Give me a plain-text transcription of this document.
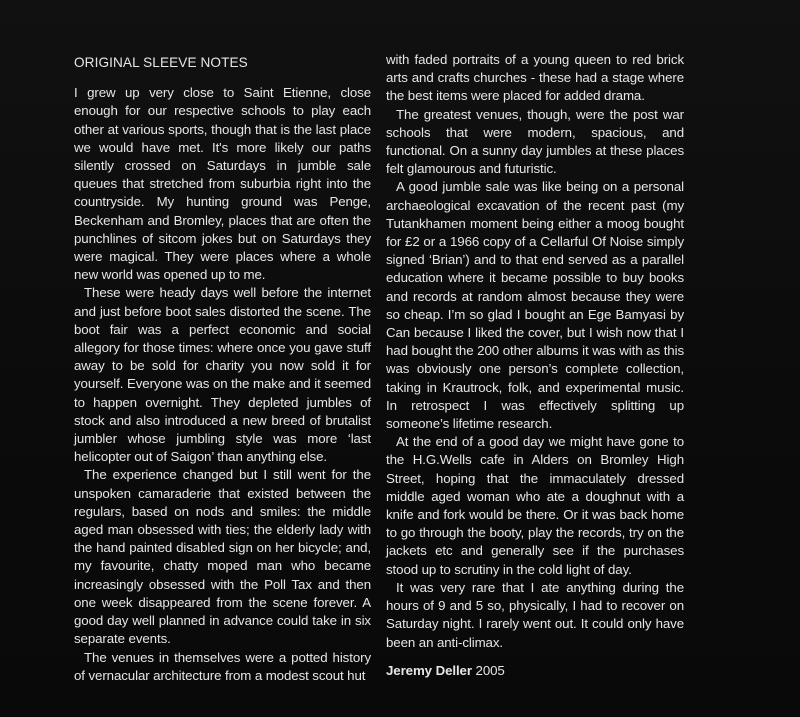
ORIGINAL SLEEVE NOTES

I grew up very close to Saint Etienne, close enough for our respective schools to play each other at various sports, though that is the last place we would have met. It's more likely our paths silently crossed on Saturdays in jumble sale queues that stretched from suburbia right into the countryside. My hunting ground was Penge, Beckenham and Bromley, places that are often the punchlines of sitcom jokes but on Saturdays they were magical. They were places where a whole new world was opened up to me.

These were heady days well before the internet and just before boot sales distorted the scene. The boot fair was a perfect economic and social allegory for those times: where once you gave stuff away to be sold for charity you now sold it for yourself. Everyone was on the make and it seemed to happen overnight. They depleted jumbles of stock and also introduced a new breed of brutalist jumbler whose jumbling style was more ‘last helicopter out of Saigon’ than anything else.

The experience changed but I still went for the unspoken camaraderie that existed between the regulars, based on nods and smiles: the middle aged man obsessed with ties; the elderly lady with the hand painted disabled sign on her bicycle; and, my favourite, chatty moped man who became increasingly obsessed with the Poll Tax and then one week disappeared from the scene forever. A good day well planned in advance could take in six separate events.

The venues in themselves were a potted history of vernacular architecture from a modest scout hut

with faded portraits of a young queen to red brick arts and crafts churches - these had a stage where the best items were placed for added drama.

The greatest venues, though, were the post war schools that were modern, spacious, and functional. On a sunny day jumbles at these places felt glamourous and futuristic.

A good jumble sale was like being on a personal archaeological excavation of the recent past (my Tutankhamen moment being either a moog bought for £2 or a 1966 copy of a Cellarful Of Noise simply signed ‘Brian’) and to that end served as a parallel education where it became possible to buy books and records at random almost because they were so cheap. I’m so glad I bought an Ege Bamyasi by Can because I liked the cover, but I wish now that I had bought the 200 other albums it was with as this was obviously one person’s complete collection, taking in Krautrock, folk, and experimental music. In retrospect I was effectively splitting up someone’s lifetime research.

At the end of a good day we might have gone to the H.G.Wells cafe in Alders on Bromley High Street, hoping that the immaculately dressed middle aged woman who ate a doughnut with a knife and fork would be there. Or it was back home to go through the booty, play the records, try on the jackets etc and generally see if the purchases stood up to scrutiny in the cold light of day.

It was very rare that I ate anything during the hours of 9 and 5 so, physically, I had to recover on Saturday night. I rarely went out. It could only have been an anti-climax.

Jeremy Deller 2005
